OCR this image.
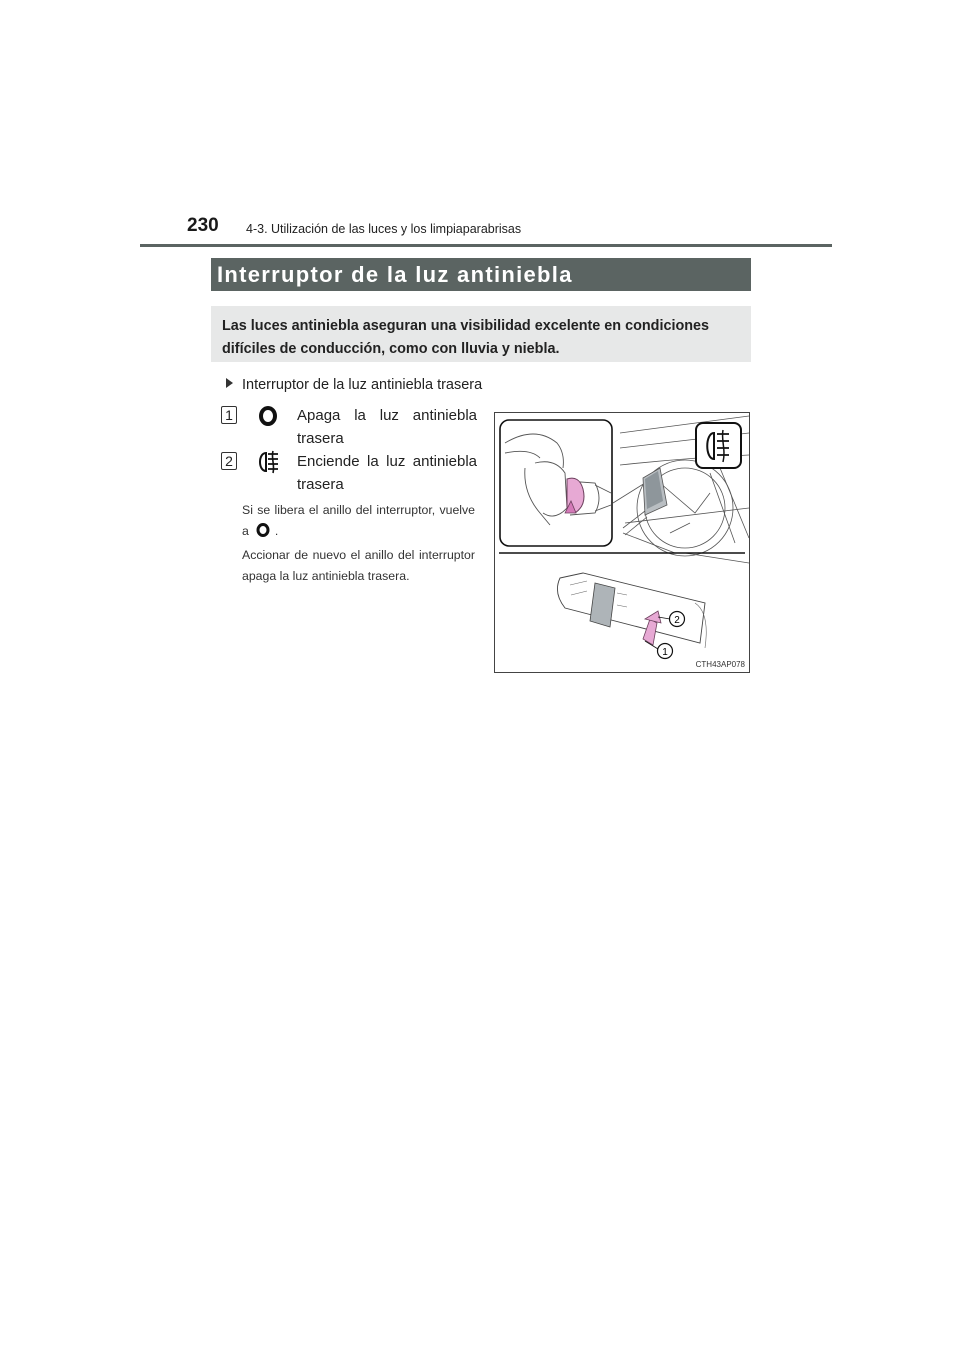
230 4-3. Utilización de las luces y los limpiaparabrisas
Interruptor de la luz antiniebla
Las luces antiniebla aseguran una visibilidad excelente en condiciones difíciles de conducción, como con lluvia y niebla.
Interruptor de la luz antiniebla trasera
1	Apaga la luz antiniebla trasera
2	Enciende la luz antiniebla trasera
Si se libera el anillo del interruptor, vuelve a .
Accionar de nuevo el anillo del interruptor apaga la luz antiniebla trasera.
2
1
CTH43AP078
